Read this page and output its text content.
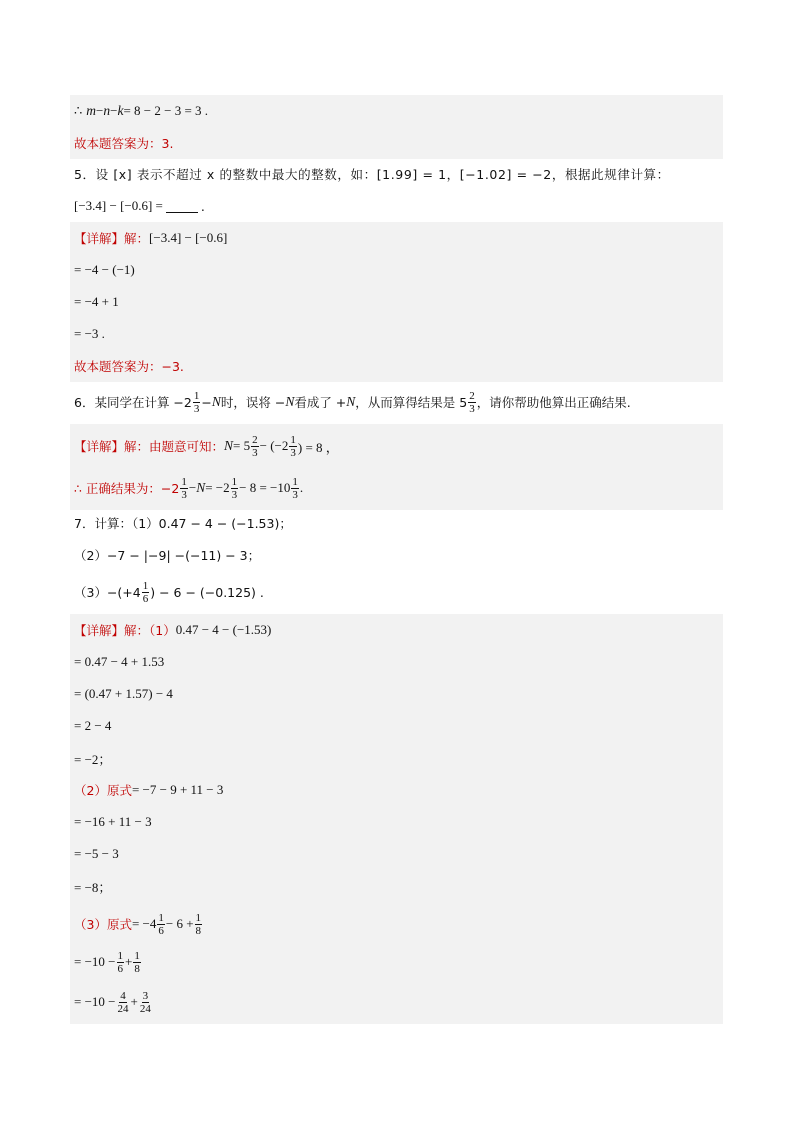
∴
m − n − k = 8 − 2 − 3 = 3 .
故本题答案为：3.
5．设 [x] 表示不超过 x 的整数中最大的整数，如：[1.99] = 1，[−1.02] = −2，根据此规律计算：
[−3.4] − [−0.6] =	.
【详解】 解： [−3.4] − [−0.6]
= −4 − (−1)
= −4 + 1
= −3 .
故本题答案为：−3.
6．某同学在计算 −2 1
3 − N 时，误将 − N 看成了 + N ，从而算得结果是 5 2
3 ，请你帮助他算出正确结果.
【详解】 解：由题意可知： N = 5 2
3 − (−2 1
3 ) = 8 ，
∴ 正确结果为：−2 1
3 − N = −2 1
3 − 8 = −10 1
3 .
7．计算：（1）0.47 − 4 − (−1.53)；
（2）−7 − |−9| −(−11) − 3；
（3）−(+4 1
6 ) − 6 − (−0.125) .
【详解】 解：（1） 0.47 − 4 − (−1.53)
= 0.47 − 4 + 1.53
= (0.47 + 1.57) − 4
= 2 − 4
= −2；
（2）原式 = −7 − 9 + 11 − 3
= −16 + 11 − 3
= −5 − 3
= −8；
（3）原式 = −4 1
$6 - 6 + \frac{1}{8}$
= $-10 - \frac{1}{6} + \frac{1}{8}$
= $-10 - \frac{4}{24} + \frac{3}{24}$
